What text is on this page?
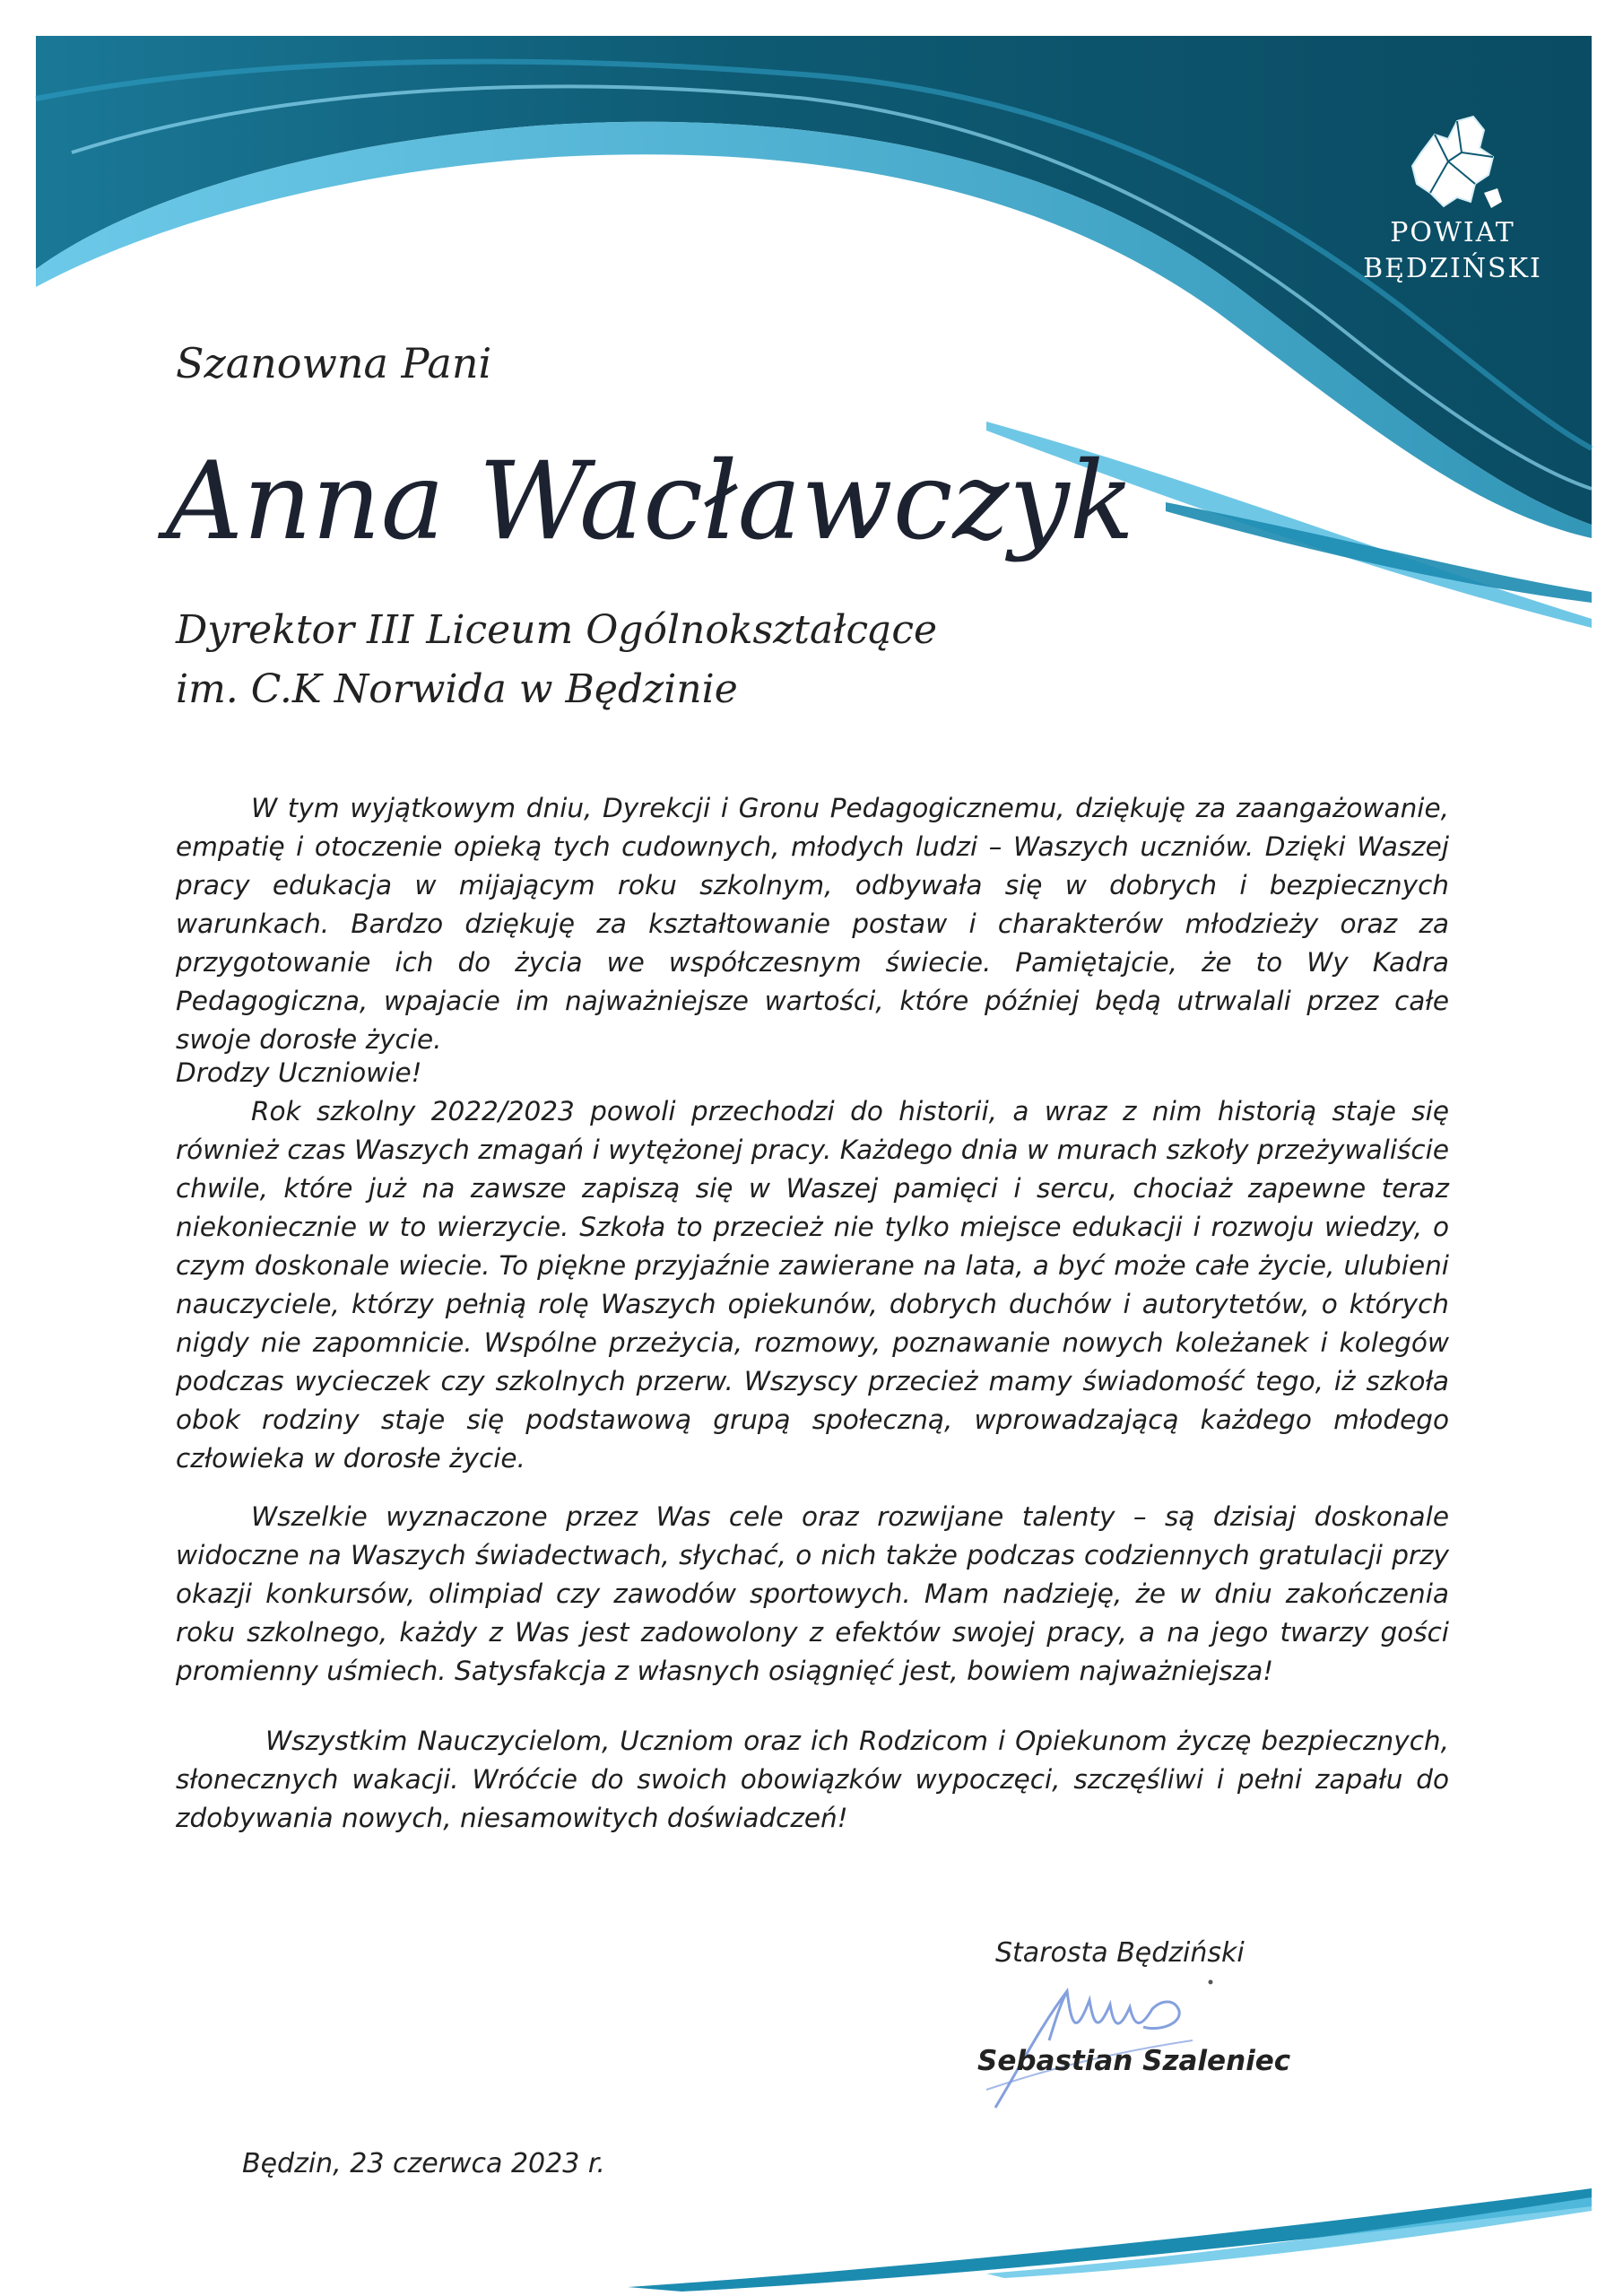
POWIAT
BĘDZIŃSKI
Szanowna Pani
Anna Wacławczyk
Dyrektor III Liceum Ogólnokształcące
im. C.K Norwida w Będzinie

W tym wyjątkowym dniu, Dyrekcji i Gronu Pedagogicznemu, dziękuję za zaangażowanie, empatię i otoczenie opieką tych cudownych, młodych ludzi – Waszych uczniów. Dzięki Waszej pracy edukacja w mijającym roku szkolnym, odbywała się w dobrych i bezpiecznych warunkach. Bardzo dziękuję za kształtowanie postaw i charakterów młodzieży oraz za przygotowanie ich do życia we współczesnym świecie. Pamiętajcie, że to Wy Kadra Pedagogiczna, wpajacie im najważniejsze wartości, które później będą utrwalali przez całe swoje dorosłe życie.

Drodzy Uczniowie!

Rok szkolny 2022/2023 powoli przechodzi do historii, a wraz z nim historią staje się również czas Waszych zmagań i wytężonej pracy. Każdego dnia w murach szkoły przeżywaliście chwile, które już na zawsze zapiszą się w Waszej pamięci i sercu, chociaż zapewne teraz niekoniecznie w to wierzycie. Szkoła to przecież nie tylko miejsce edukacji i rozwoju wiedzy, o czym doskonale wiecie. To piękne przyjaźnie zawierane na lata, a być może całe życie, ulubieni nauczyciele, którzy pełnią rolę Waszych opiekunów, dobrych duchów i autorytetów, o których nigdy nie zapomnicie. Wspólne przeżycia, rozmowy, poznawanie nowych koleżanek i kolegów podczas wycieczek czy szkolnych przerw. Wszyscy przecież mamy świadomość tego, iż szkoła obok rodziny staje się podstawową grupą społeczną, wprowadzającą każdego młodego człowieka w dorosłe życie.

Wszelkie wyznaczone przez Was cele oraz rozwijane talenty – są dzisiaj doskonale widoczne na Waszych świadectwach, słychać, o nich także podczas codziennych gratulacji przy okazji konkursów, olimpiad czy zawodów sportowych. Mam nadzieję, że w dniu zakończenia roku szkolnego, każdy z Was jest zadowolony z efektów swojej pracy, a na jego twarzy gości promienny uśmiech. Satysfakcja z własnych osiągnięć jest, bowiem najważniejsza!

Wszystkim Nauczycielom, Uczniom oraz ich Rodzicom i Opiekunom życzę bezpiecznych, słonecznych wakacji. Wróćcie do swoich obowiązków wypoczęci, szczęśliwi i pełni zapału do zdobywania nowych, niesamowitych doświadczeń!

Starosta Będziński
Sebastian Szaleniec
Będzin, 23 czerwca 2023 r.
